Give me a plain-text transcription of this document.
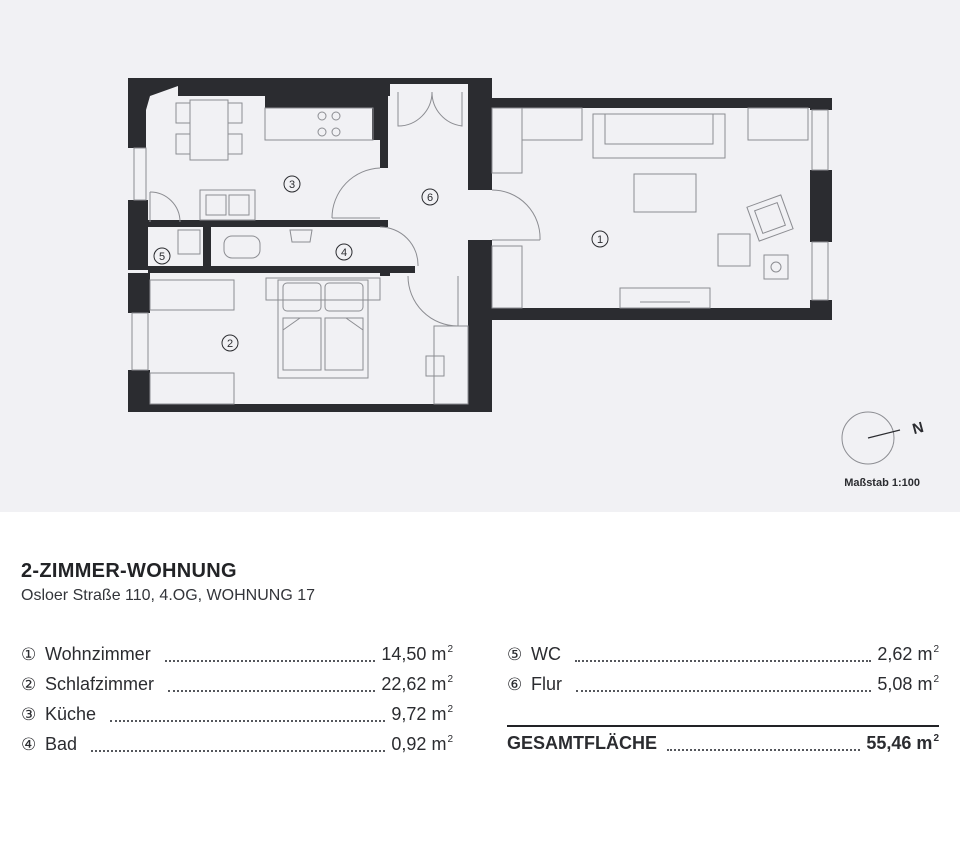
1
2
3
4
5
6
N
Maßstab 1:100
2-ZIMMER-WOHNUNG
Osloer Straße 110, 4.OG, WOHNUNG 17
① Wohnzimmer	14,50 $m^2$
② Schlafzimmer	22,62 $m^2$
③ Küche	9,72 $m^2$
④ Bad	0,92 $m^2$
⑤ WC	2,62 $m^2$
⑥ Flur	5,08 $m^2$
GESAMTFLÄCHE	55,46 $m^2$
